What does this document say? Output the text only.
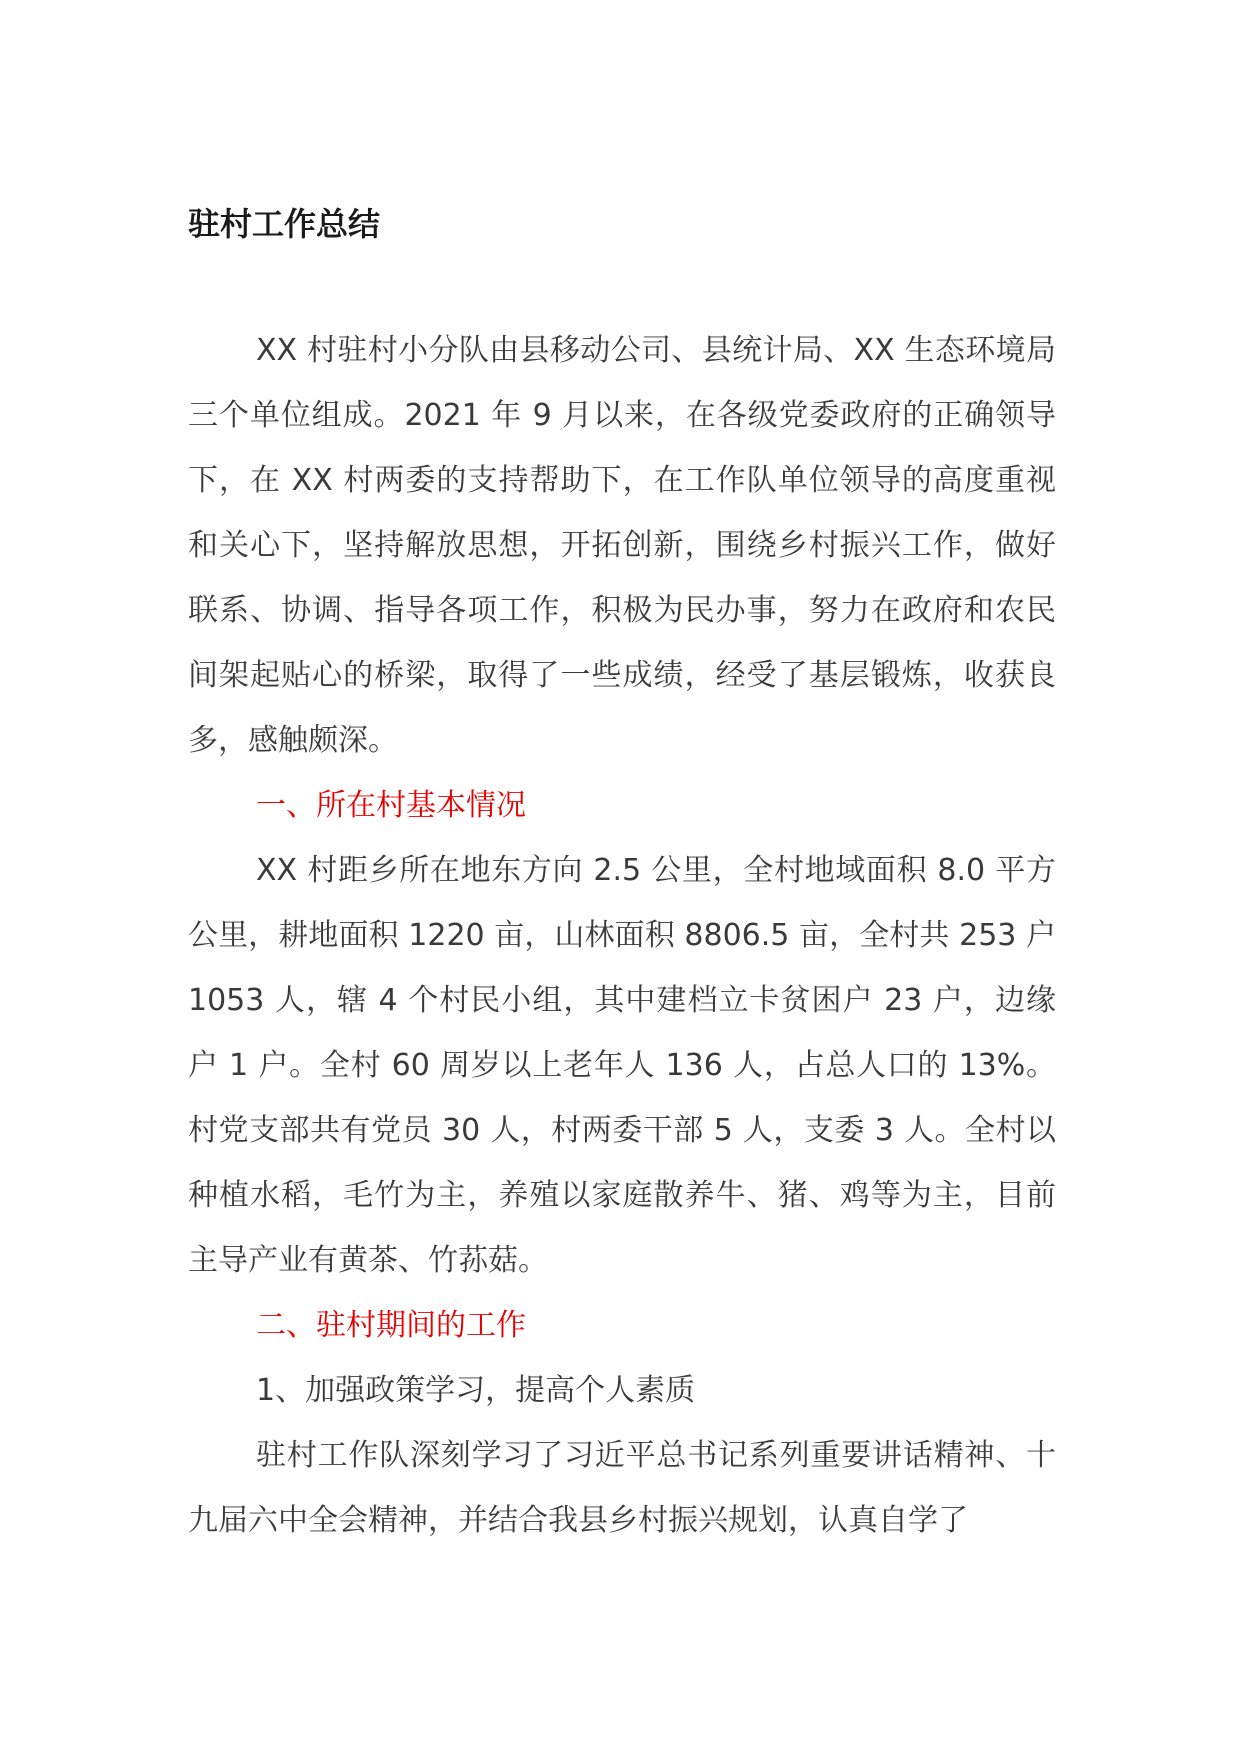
驻村工作总结

XX 村驻村小分队由县移动公司、县统计局、XX 生态环境局三个单位组成。2021 年 9 月以来，在各级党委政府的正确领导下，在 XX 村两委的支持帮助下，在工作队单位领导的高度重视和关心下，坚持解放思想，开拓创新，围绕乡村振兴工作，做好联系、协调、指导各项工作，积极为民办事，努力在政府和农民间架起贴心的桥梁，取得了一些成绩，经受了基层锻炼，收获良多，感触颇深。

一、所在村基本情况

XX 村距乡所在地东方向 2.5 公里，全村地域面积 8.0 平方公里，耕地面积 1220 亩，山林面积 8806.5 亩，全村共 253 户 1053 人，辖 4 个村民小组，其中建档立卡贫困户 23 户，边缘户 1 户。全村 60 周岁以上老年人 136 人，占总人口的 13%。村党支部共有党员 30 人，村两委干部 5 人，支委 3 人。全村以种植水稻，毛竹为主，养殖以家庭散养牛、猪、鸡等为主，目前主导产业有黄茶、竹荪菇。

二、驻村期间的工作

1、加强政策学习，提高个人素质

驻村工作队深刻学习了习近平总书记系列重要讲话精神、十九届六中全会精神，并结合我县乡村振兴规划，认真自学了
